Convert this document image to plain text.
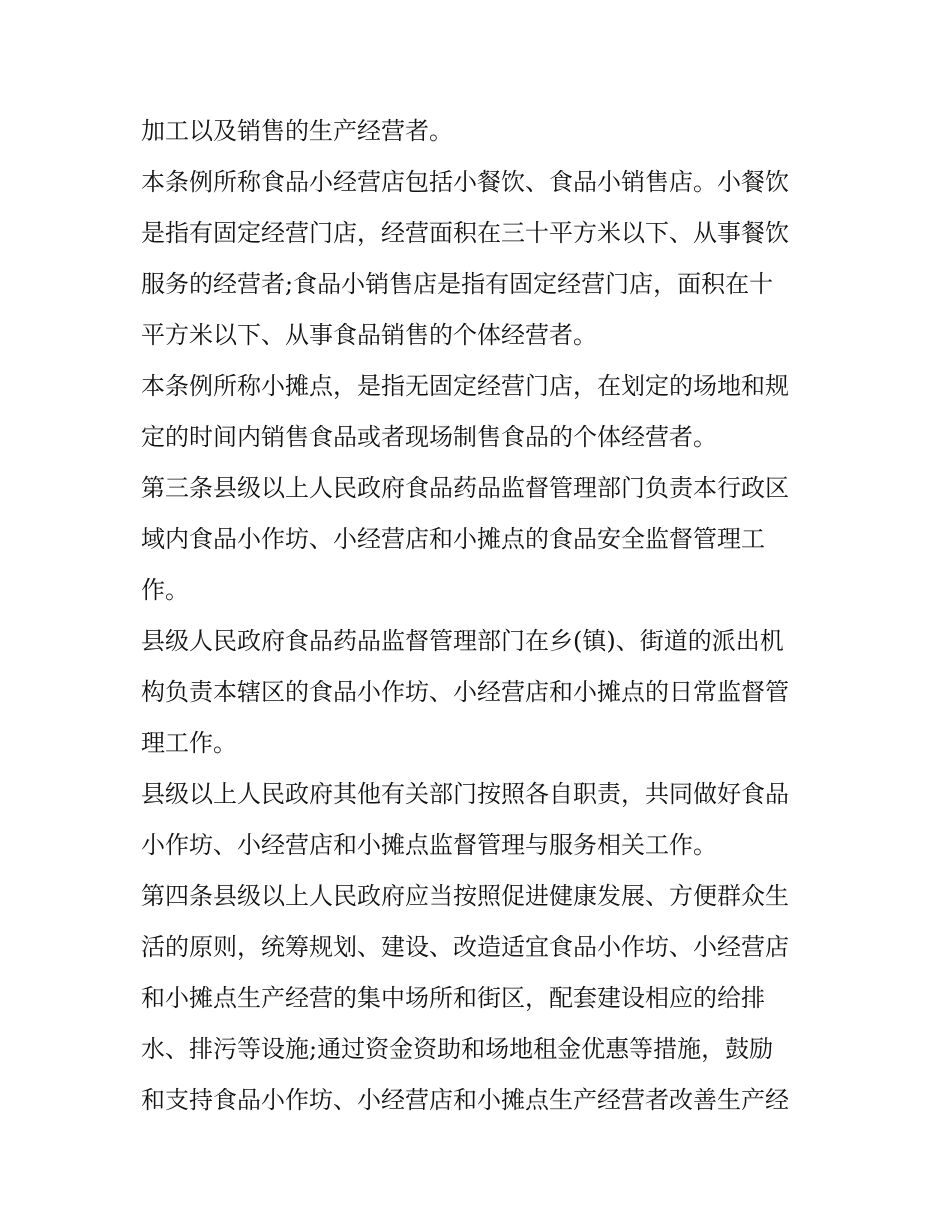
加工以及销售的生产经营者。
本条例所称食品小经营店包括小餐饮、食品小销售店。小餐饮
是指有固定经营门店，经营面积在三十平方米以下、从事餐饮
服务的经营者;食品小销售店是指有固定经营门店，面积在十
平方米以下、从事食品销售的个体经营者。
本条例所称小摊点，是指无固定经营门店，在划定的场地和规
定的时间内销售食品或者现场制售食品的个体经营者。
第三条县级以上人民政府食品药品监督管理部门负责本行政区
域内食品小作坊、小经营店和小摊点的食品安全监督管理工
作。
县级人民政府食品药品监督管理部门在乡(镇)、街道的派出机
构负责本辖区的食品小作坊、小经营店和小摊点的日常监督管
理工作。
县级以上人民政府其他有关部门按照各自职责，共同做好食品
小作坊、小经营店和小摊点监督管理与服务相关工作。
第四条县级以上人民政府应当按照促进健康发展、方便群众生
活的原则，统筹规划、建设、改造适宜食品小作坊、小经营店
和小摊点生产经营的集中场所和街区，配套建设相应的给排
水、排污等设施;通过资金资助和场地租金优惠等措施，鼓励
和支持食品小作坊、小经营店和小摊点生产经营者改善生产经
